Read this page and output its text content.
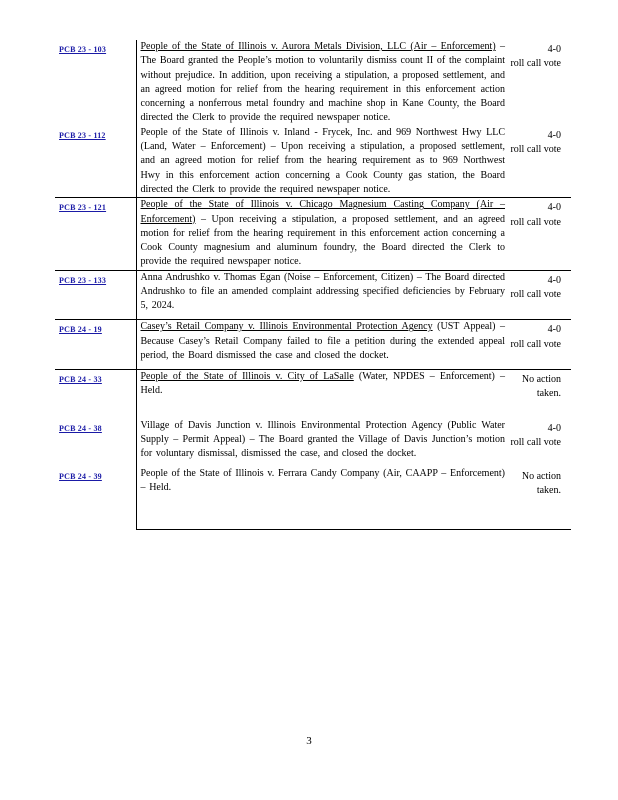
PCB 23 - 103	People of the State of Illinois v. Aurora Metals Division, LLC (Air – Enforcement) – The Board granted the People’s motion to voluntarily dismiss count II of the complaint without prejudice. In addition, upon receiving a stipulation, a proposed settlement, and an agreed motion for relief from the hearing requirement in this enforcement action concerning a nonferrous metal foundry and machine shop in Kane County, the Board directed the Clerk to provide the required newspaper notice.	4-0
roll call vote

PCB 23 - 112	People of the State of Illinois v. Inland - Frycek, Inc. and 969 Northwest Hwy LLC (Land, Water – Enforcement) – Upon receiving a stipulation, a proposed settlement, and an agreed motion for relief from the hearing requirement as to 969 Northwest Hwy in this enforcement action concerning a Cook County gas station, the Board directed the Clerk to provide the required newspaper notice.	4-0
roll call vote

PCB 23 - 121	People of the State of Illinois v. Chicago Magnesium Casting Company (Air – Enforcement) – Upon receiving a stipulation, a proposed settlement, and an agreed motion for relief from the hearing requirement in this enforcement action concerning a Cook County magnesium and aluminum foundry, the Board directed the Clerk to provide the required newspaper notice.	4-0
roll call vote

PCB 23 - 133	Anna Andrushko v. Thomas Egan (Noise – Enforcement, Citizen) – The Board directed Andrushko to file an amended complaint addressing specified deficiencies by February 5, 2024.	4-0
roll call vote

PCB 24 - 19	Casey’s Retail Company v. Illinois Environmental Protection Agency (UST Appeal) – Because Casey’s Retail Company failed to file a petition during the extended appeal period, the Board dismissed the case and closed the docket.	4-0
roll call vote

PCB 24 - 33	People of the State of Illinois v. City of LaSalle (Water, NPDES – Enforcement) – Held.	No action
taken.

PCB 24 - 38	Village of Davis Junction v. Illinois Environmental Protection Agency (Public Water Supply – Permit Appeal) – The Board granted the Village of Davis Junction’s motion for voluntary dismissal, dismissed the case, and closed the docket.	4-0
roll call vote

PCB 24 - 39	People of the State of Illinois v. Ferrara Candy Company (Air, CAAPP – Enforcement) – Held.	No action
taken.
3
